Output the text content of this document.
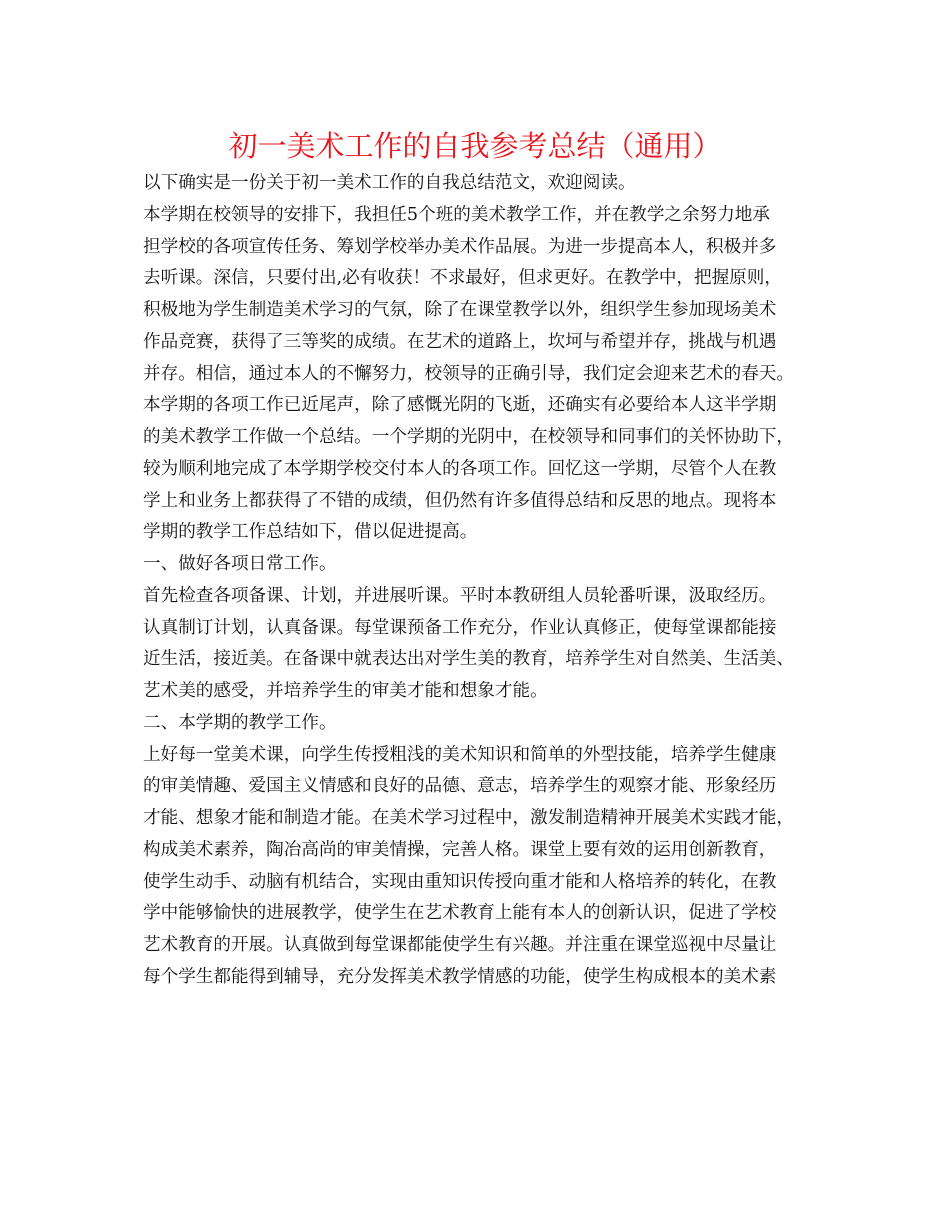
初一美术工作的自我参考总结（通用）
以下确实是一份关于初一美术工作的自我总结范文，欢迎阅读。
本学期在校领导的安排下，我担任5个班的美术教学工作，并在教学之余努力地承
担学校的各项宣传任务、筹划学校举办美术作品展。为进一步提高本人，积极并多
去听课。深信，只要付出,必有收获！不求最好，但求更好。在教学中，把握原则，
积极地为学生制造美术学习的气氛，除了在课堂教学以外，组织学生参加现场美术
作品竞赛，获得了三等奖的成绩。在艺术的道路上，坎坷与希望并存，挑战与机遇
并存。相信，通过本人的不懈努力，校领导的正确引导，我们定会迎来艺术的春天。
本学期的各项工作已近尾声，除了感慨光阴的飞逝，还确实有必要给本人这半学期
的美术教学工作做一个总结。一个学期的光阴中，在校领导和同事们的关怀协助下，
较为顺利地完成了本学期学校交付本人的各项工作。回忆这一学期，尽管个人在教
学上和业务上都获得了不错的成绩，但仍然有许多值得总结和反思的地点。现将本
学期的教学工作总结如下，借以促进提高。
一、做好各项日常工作。
首先检查各项备课、计划，并进展听课。平时本教研组人员轮番听课，汲取经历。
认真制订计划，认真备课。每堂课预备工作充分，作业认真修正，使每堂课都能接
近生活，接近美。在备课中就表达出对学生美的教育，培养学生对自然美、生活美、
艺术美的感受，并培养学生的审美才能和想象才能。
二、本学期的教学工作。
上好每一堂美术课，向学生传授粗浅的美术知识和简单的外型技能，培养学生健康
的审美情趣、爱国主义情感和良好的品德、意志，培养学生的观察才能、形象经历
才能、想象才能和制造才能。在美术学习过程中，激发制造精神开展美术实践才能，
构成美术素养，陶冶高尚的审美情操，完善人格。课堂上要有效的运用创新教育，
使学生动手、动脑有机结合，实现由重知识传授向重才能和人格培养的转化，在教
学中能够愉快的进展教学，使学生在艺术教育上能有本人的创新认识，促进了学校
艺术教育的开展。认真做到每堂课都能使学生有兴趣。并注重在课堂巡视中尽量让
每个学生都能得到辅导，充分发挥美术教学情感的功能，使学生构成根本的美术素
